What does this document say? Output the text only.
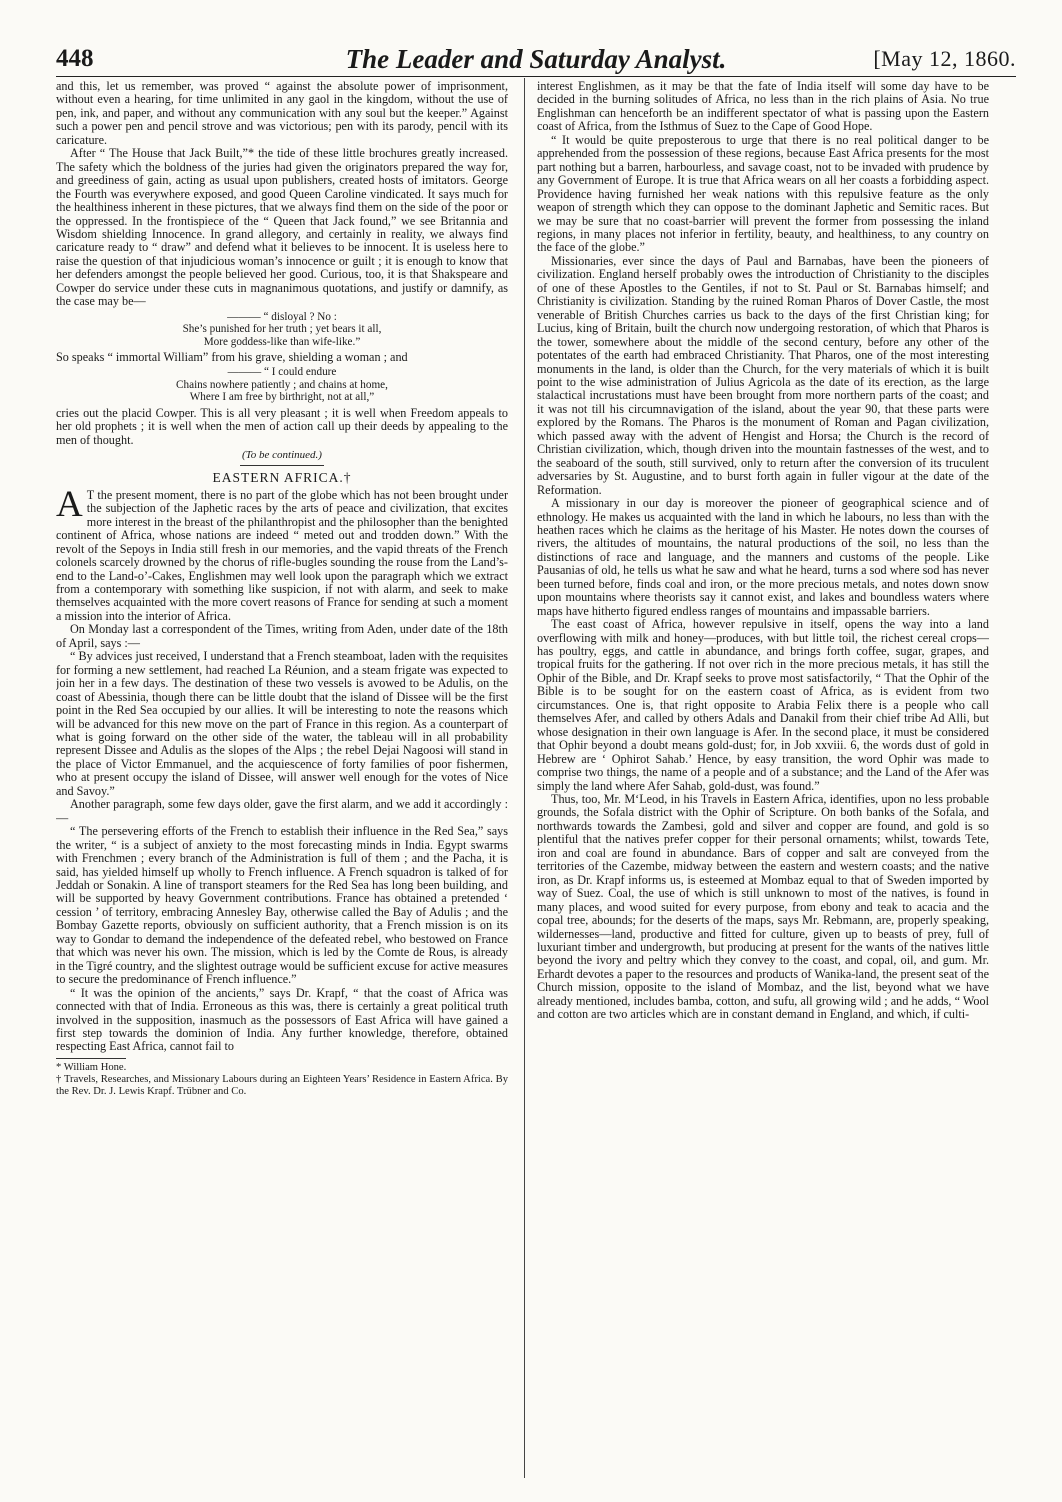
448	The Leader and Saturday Analyst.	[May 12, 1860.

and this, let us remember, was proved “ against the absolute power of imprisonment, without even a hearing, for time unlimited in any gaol in the kingdom, without the use of pen, ink, and paper, and without any communication with any soul but the keeper.” Against such a power pen and pencil strove and was victorious; pen with its parody, pencil with its caricature.

After “ The House that Jack Built,”* the tide of these little brochures greatly increased. The safety which the boldness of the juries had given the originators prepared the way for, and greediness of gain, acting as usual upon publishers, created hosts of imitators. George the Fourth was everywhere exposed, and good Queen Caroline vindicated. It says much for the healthiness inherent in these pictures, that we always find them on the side of the poor or the oppressed. In the frontispiece of the “ Queen that Jack found,” we see Britannia and Wisdom shielding Innocence. In grand allegory, and certainly in reality, we always find caricature ready to “ draw” and defend what it believes to be innocent. It is useless here to raise the question of that injudicious woman’s innocence or guilt ; it is enough to know that her defenders amongst the people believed her good. Curious, too, it is that Shakspeare and Cowper do service under these cuts in magnanimous quotations, and justify or damnify, as the case may be—

——— “ disloyal ? No :
She’s punished for her truth ; yet bears it all,
More goddess-like than wife-like.”

So speaks “ immortal William” from his grave, shielding a woman ; and

——— “ I could endure
Chains nowhere patiently ; and chains at home,
Where I am free by birthright, not at all,”

cries out the placid Cowper. This is all very pleasant ; it is well when Freedom appeals to her old prophets ; it is well when the men of action call up their deeds by appealing to the men of thought.

(To be continued.)
EASTERN AFRICA.†

A T the present moment, there is no part of the globe which has not been brought under the subjection of the Japhetic races by the arts of peace and civilization, that excites more interest in the breast of the philanthropist and the philosopher than the benighted continent of Africa, whose nations are indeed “ meted out and trodden down.” With the revolt of the Sepoys in India still fresh in our memories, and the vapid threats of the French colonels scarcely drowned by the chorus of rifle-bugles sounding the rouse from the Land’s-end to the Land-o’-Cakes, Englishmen may well look upon the paragraph which we extract from a contemporary with something like suspicion, if not with alarm, and seek to make themselves acquainted with the more covert reasons of France for sending at such a moment a mission into the interior of Africa.

On Monday last a correspondent of the Times, writing from Aden, under date of the 18th of April, says :—

“ By advices just received, I understand that a French steamboat, laden with the requisites for forming a new settlement, had reached La Réunion, and a steam frigate was expected to join her in a few days. The destination of these two vessels is avowed to be Adulis, on the coast of Abessinia, though there can be little doubt that the island of Dissee will be the first point in the Red Sea occupied by our allies. It will be interesting to note the reasons which will be advanced for this new move on the part of France in this region. As a counterpart of what is going forward on the other side of the water, the tableau will in all probability represent Dissee and Adulis as the slopes of the Alps ; the rebel Dejai Nagoosi will stand in the place of Victor Emmanuel, and the acquiescence of forty families of poor fishermen, who at present occupy the island of Dissee, will answer well enough for the votes of Nice and Savoy.”

Another paragraph, some few days older, gave the first alarm, and we add it accordingly :—

“ The persevering efforts of the French to establish their influence in the Red Sea,” says the writer, “ is a subject of anxiety to the most forecasting minds in India. Egypt swarms with Frenchmen ; every branch of the Administration is full of them ; and the Pacha, it is said, has yielded himself up wholly to French influence. A French squadron is talked of for Jeddah or Sonakin. A line of transport steamers for the Red Sea has long been building, and will be supported by heavy Government contributions. France has obtained a pretended ‘ cession ’ of territory, embracing Annesley Bay, otherwise called the Bay of Adulis ; and the Bombay Gazette reports, obviously on sufficient authority, that a French mission is on its way to Gondar to demand the independence of the defeated rebel, who bestowed on France that which was never his own. The mission, which is led by the Comte de Rous, is already in the Tigré country, and the slightest outrage would be sufficient excuse for active measures to secure the predominance of French influence.”

“ It was the opinion of the ancients,” says Dr. Krapf, “ that the coast of Africa was connected with that of India. Erroneous as this was, there is certainly a great political truth involved in the supposition, inasmuch as the possessors of East Africa will have gained a first step towards the dominion of India. Any further knowledge, therefore, obtained respecting East Africa, cannot fail to

* William Hone.

† Travels, Researches, and Missionary Labours during an Eighteen Years’ Residence in Eastern Africa. By the Rev. Dr. J. Lewis Krapf. Trübner and Co.

interest Englishmen, as it may be that the fate of India itself will some day have to be decided in the burning solitudes of Africa, no less than in the rich plains of Asia. No true Englishman can henceforth be an indifferent spectator of what is passing upon the Eastern coast of Africa, from the Isthmus of Suez to the Cape of Good Hope.

“ It would be quite preposterous to urge that there is no real political danger to be apprehended from the possession of these regions, because East Africa presents for the most part nothing but a barren, harbourless, and savage coast, not to be invaded with prudence by any Government of Europe. It is true that Africa wears on all her coasts a forbidding aspect. Providence having furnished her weak nations with this repulsive feature as the only weapon of strength which they can oppose to the dominant Japhetic and Semitic races. But we may be sure that no coast-barrier will prevent the former from possessing the inland regions, in many places not inferior in fertility, beauty, and healthiness, to any country on the face of the globe.”

Missionaries, ever since the days of Paul and Barnabas, have been the pioneers of civilization. England herself probably owes the introduction of Christianity to the disciples of one of these Apostles to the Gentiles, if not to St. Paul or St. Barnabas himself; and Christianity is civilization. Standing by the ruined Roman Pharos of Dover Castle, the most venerable of British Churches carries us back to the days of the first Christian king; for Lucius, king of Britain, built the church now undergoing restoration, of which that Pharos is the tower, somewhere about the middle of the second century, before any other of the potentates of the earth had embraced Christianity. That Pharos, one of the most interesting monuments in the land, is older than the Church, for the very materials of which it is built point to the wise administration of Julius Agricola as the date of its erection, as the large stalactical incrustations must have been brought from more northern parts of the coast; and it was not till his circumnavigation of the island, about the year 90, that these parts were explored by the Romans. The Pharos is the monument of Roman and Pagan civilization, which passed away with the advent of Hengist and Horsa; the Church is the record of Christian civilization, which, though driven into the mountain fastnesses of the west, and to the seaboard of the south, still survived, only to return after the conversion of its truculent adversaries by St. Augustine, and to burst forth again in fuller vigour at the date of the Reformation.

A missionary in our day is moreover the pioneer of geographical science and of ethnology. He makes us acquainted with the land in which he labours, no less than with the heathen races which he claims as the heritage of his Master. He notes down the courses of rivers, the altitudes of mountains, the natural productions of the soil, no less than the distinctions of race and language, and the manners and customs of the people. Like Pausanias of old, he tells us what he saw and what he heard, turns a sod where sod has never been turned before, finds coal and iron, or the more precious metals, and notes down snow upon mountains where theorists say it cannot exist, and lakes and boundless waters where maps have hitherto figured endless ranges of mountains and impassable barriers.

The east coast of Africa, however repulsive in itself, opens the way into a land overflowing with milk and honey—produces, with but little toil, the richest cereal crops—has poultry, eggs, and cattle in abundance, and brings forth coffee, sugar, grapes, and tropical fruits for the gathering. If not over rich in the more precious metals, it has still the Ophir of the Bible, and Dr. Krapf seeks to prove most satisfactorily, “ That the Ophir of the Bible is to be sought for on the eastern coast of Africa, as is evident from two circumstances. One is, that right opposite to Arabia Felix there is a people who call themselves Afer, and called by others Adals and Danakil from their chief tribe Ad Alli, but whose designation in their own language is Afer. In the second place, it must be considered that Ophir beyond a doubt means gold-dust; for, in Job xxviii. 6, the words dust of gold in Hebrew are ‘ Ophirot Sahab.’ Hence, by easy transition, the word Ophir was made to comprise two things, the name of a people and of a substance; and the Land of the Afer was simply the land where Afer Sahab, gold-dust, was found.”

Thus, too, Mr. M‘Leod, in his Travels in Eastern Africa, identifies, upon no less probable grounds, the Sofala district with the Ophir of Scripture. On both banks of the Sofala, and northwards towards the Zambesi, gold and silver and copper are found, and gold is so plentiful that the natives prefer copper for their personal ornaments; whilst, towards Tete, iron and coal are found in abundance. Bars of copper and salt are conveyed from the territories of the Cazembe, midway between the eastern and western coasts; and the native iron, as Dr. Krapf informs us, is esteemed at Mombaz equal to that of Sweden imported by way of Suez. Coal, the use of which is still unknown to most of the natives, is found in many places, and wood suited for every purpose, from ebony and teak to acacia and the copal tree, abounds; for the deserts of the maps, says Mr. Rebmann, are, properly speaking, wildernesses—land, productive and fitted for culture, given up to beasts of prey, full of luxuriant timber and undergrowth, but producing at present for the wants of the natives little beyond the ivory and peltry which they convey to the coast, and copal, oil, and gum. Mr. Erhardt devotes a paper to the resources and products of Wanika-land, the present seat of the Church mission, opposite to the island of Mombaz, and the list, beyond what we have already mentioned, includes bamba, cotton, and sufu, all growing wild ; and he adds, “ Wool and cotton are two articles which are in constant demand in England, and which, if culti-
